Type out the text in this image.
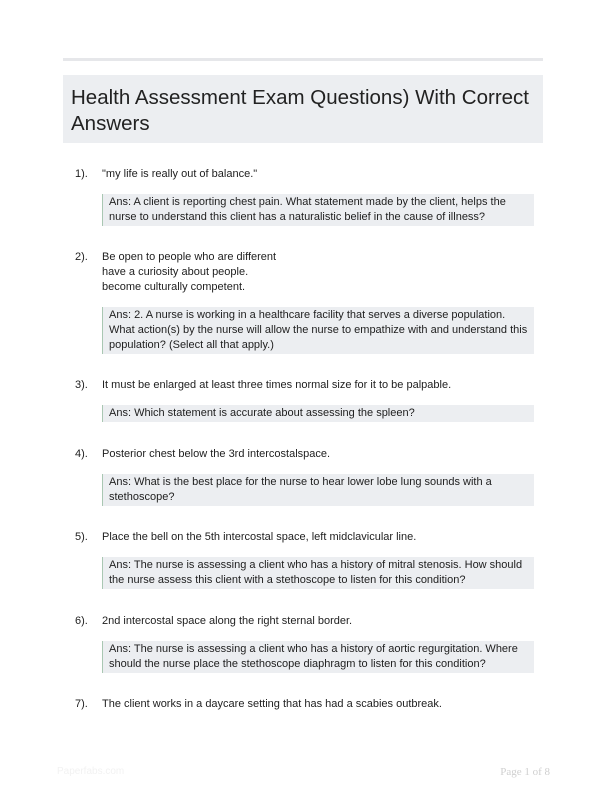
Health Assessment Exam Questions) With Correct Answers
1). "my life is really out of balance."
Ans: A client is reporting chest pain. What statement made by the client, helps the nurse to understand this client has a naturalistic belief in the cause of illness?
2). Be open to people who are different
have a curiosity about people.
become culturally competent.
Ans: 2. A nurse is working in a healthcare facility that serves a diverse population. What action(s) by the nurse will allow the nurse to empathize with and understand this population? (Select all that apply.)
3). It must be enlarged at least three times normal size for it to be palpable.
Ans: Which statement is accurate about assessing the spleen?
4). Posterior chest below the 3rd intercostalspace.
Ans: What is the best place for the nurse to hear lower lobe lung sounds with a stethoscope?
5). Place the bell on the 5th intercostal space, left midclavicular line.
Ans: The nurse is assessing a client who has a history of mitral stenosis. How should the nurse assess this client with a stethoscope to listen for this condition?
6). 2nd intercostal space along the right sternal border.
Ans: The nurse is assessing a client who has a history of aortic regurgitation. Where should the nurse place the stethoscope diaphragm to listen for this condition?
7). The client works in a daycare setting that has had a scabies outbreak.
Paperfabs.com	Page 1 of 8
